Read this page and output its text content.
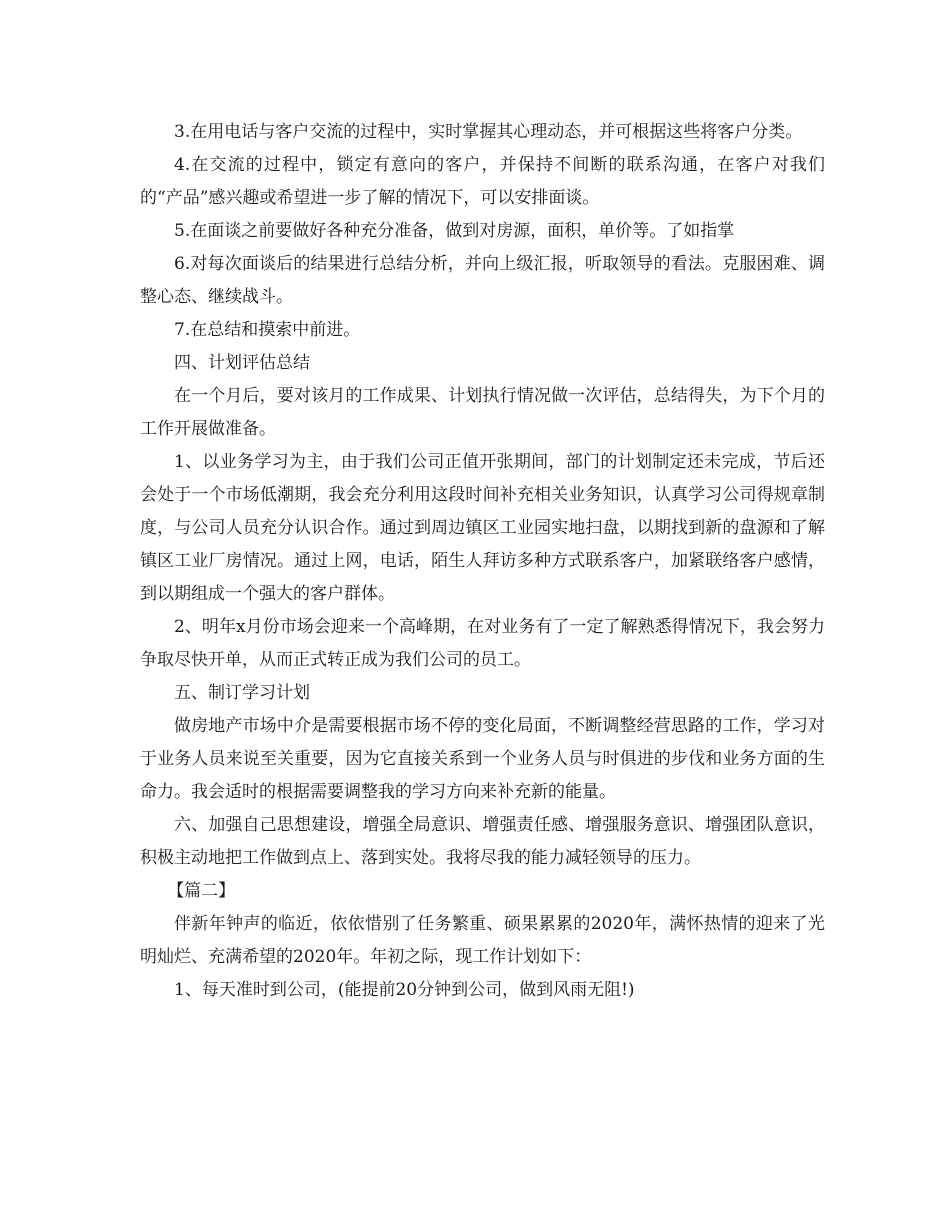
3.在用电话与客户交流的过程中，实时掌握其心理动态，并可根据这些将客户分类。

4.在交流的过程中，锁定有意向的客户，并保持不间断的联系沟通，在客户对我们的“产品”感兴趣或希望进一步了解的情况下，可以安排面谈。

5.在面谈之前要做好各种充分准备，做到对房源，面积，单价等。了如指掌

6.对每次面谈后的结果进行总结分析，并向上级汇报，听取领导的看法。克服困难、调整心态、继续战斗。

7.在总结和摸索中前进。

四、计划评估总结

在一个月后，要对该月的工作成果、计划执行情况做一次评估，总结得失，为下个月的工作开展做准备。

1、以业务学习为主，由于我们公司正值开张期间，部门的计划制定还未完成，节后还会处于一个市场低潮期，我会充分利用这段时间补充相关业务知识，认真学习公司得规章制度，与公司人员充分认识合作。通过到周边镇区工业园实地扫盘，以期找到新的盘源和了解镇区工业厂房情况。通过上网，电话，陌生人拜访多种方式联系客户，加紧联络客户感情，到以期组成一个强大的客户群体。

2、明年x月份市场会迎来一个高峰期，在对业务有了一定了解熟悉得情况下，我会努力争取尽快开单，从而正式转正成为我们公司的员工。

五、制订学习计划

做房地产市场中介是需要根据市场不停的变化局面，不断调整经营思路的工作，学习对于业务人员来说至关重要，因为它直接关系到一个业务人员与时俱进的步伐和业务方面的生命力。我会适时的根据需要调整我的学习方向来补充新的能量。

六、加强自己思想建设，增强全局意识、增强责任感、增强服务意识、增强团队意识，积极主动地把工作做到点上、落到实处。我将尽我的能力减轻领导的压力。

【篇二】

伴新年钟声的临近，依依惜别了任务繁重、硕果累累的2020年，满怀热情的迎来了光明灿烂、充满希望的2020年。年初之际，现工作计划如下：

1、每天准时到公司，(能提前20分钟到公司，做到风雨无阻!)
